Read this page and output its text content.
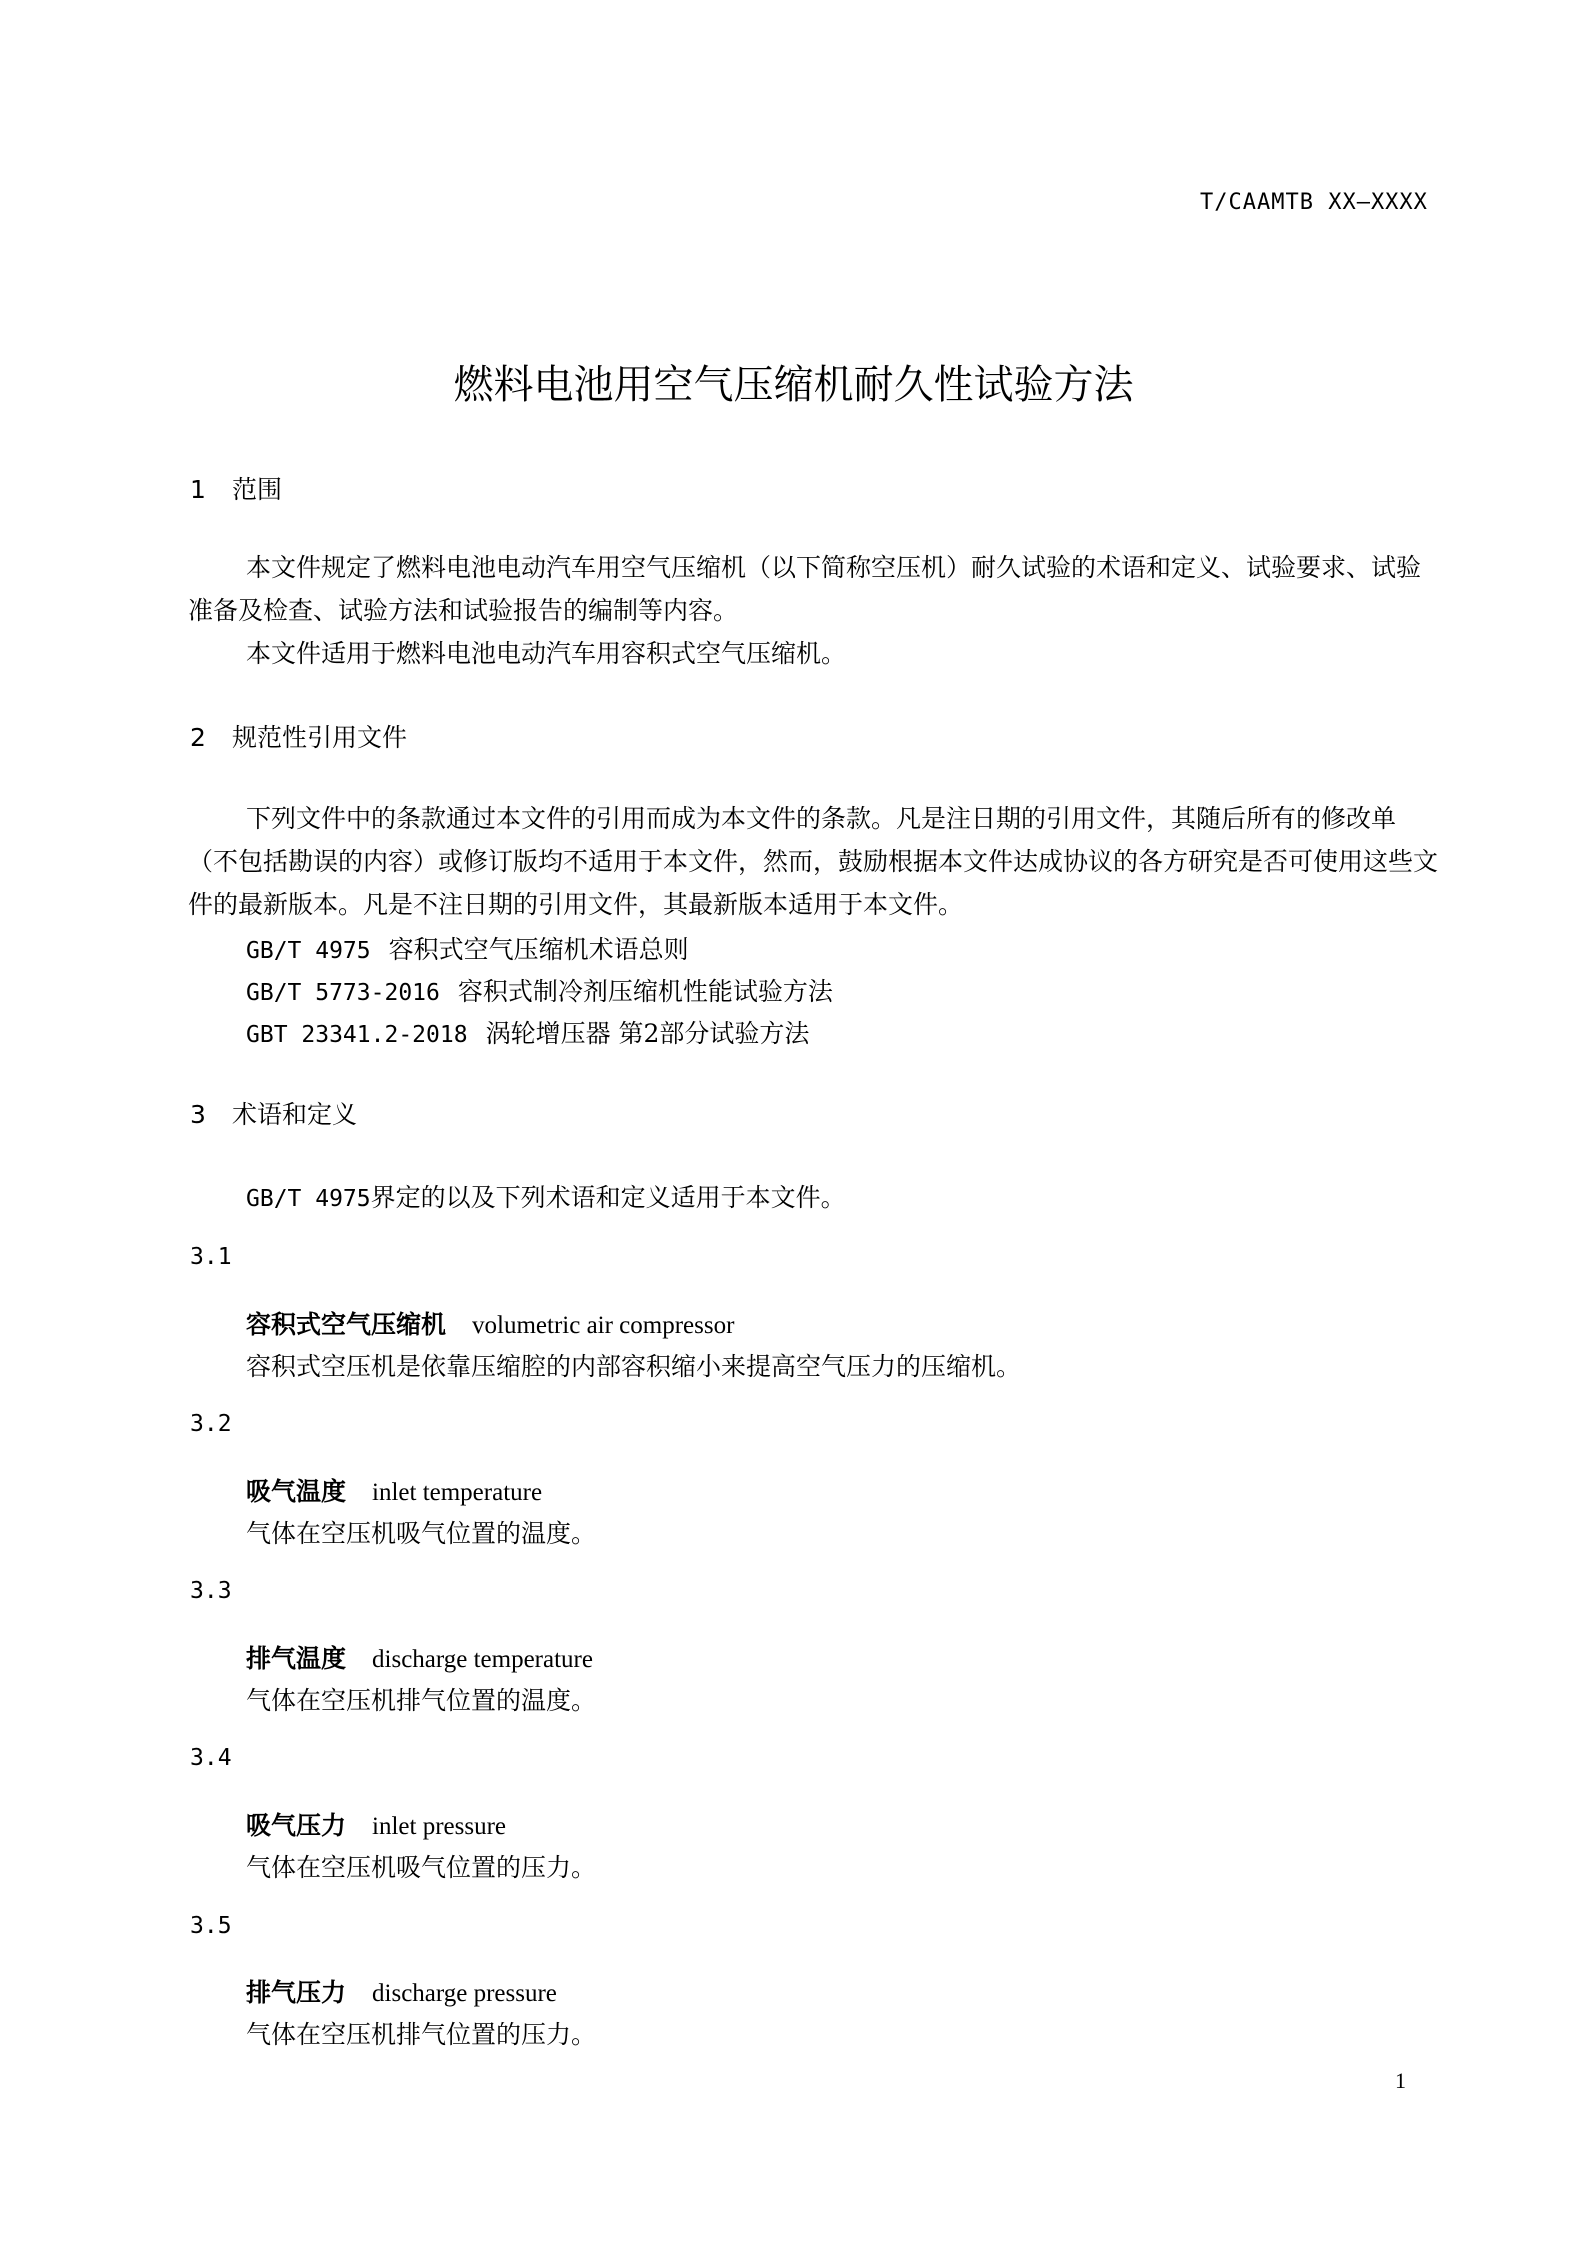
T/CAAMTB XX—XXXX
燃料电池用空气压缩机耐久性试验方法
1 范围
本文件规定了燃料电池电动汽车用空气压缩机（以下简称空压机）耐久试验的术语和定义、试验要求、试验准备及检查、试验方法和试验报告的编制等内容。
本文件适用于燃料电池电动汽车用容积式空气压缩机。
2 规范性引用文件
下列文件中的条款通过本文件的引用而成为本文件的条款。凡是注日期的引用文件，其随后所有的修改单（不包括勘误的内容）或修订版均不适用于本文件，然而，鼓励根据本文件达成协议的各方研究是否可使用这些文件的最新版本。凡是不注日期的引用文件，其最新版本适用于本文件。
GB/T 4975 容积式空气压缩机术语总则
GB/T 5773-2016 容积式制冷剂压缩机性能试验方法
GBT 23341.2-2018 涡轮增压器 第2部分试验方法
3 术语和定义
GB/T 4975界定的以及下列术语和定义适用于本文件。
3.1
容积式空气压缩机 volumetric air compressor
容积式空压机是依靠压缩腔的内部容积缩小来提高空气压力的压缩机。
3.2
吸气温度 inlet temperature
气体在空压机吸气位置的温度。
3.3
排气温度 discharge temperature
气体在空压机排气位置的温度。
3.4
吸气压力 inlet pressure
气体在空压机吸气位置的压力。
3.5
排气压力 discharge pressure
气体在空压机排气位置的压力。
1
